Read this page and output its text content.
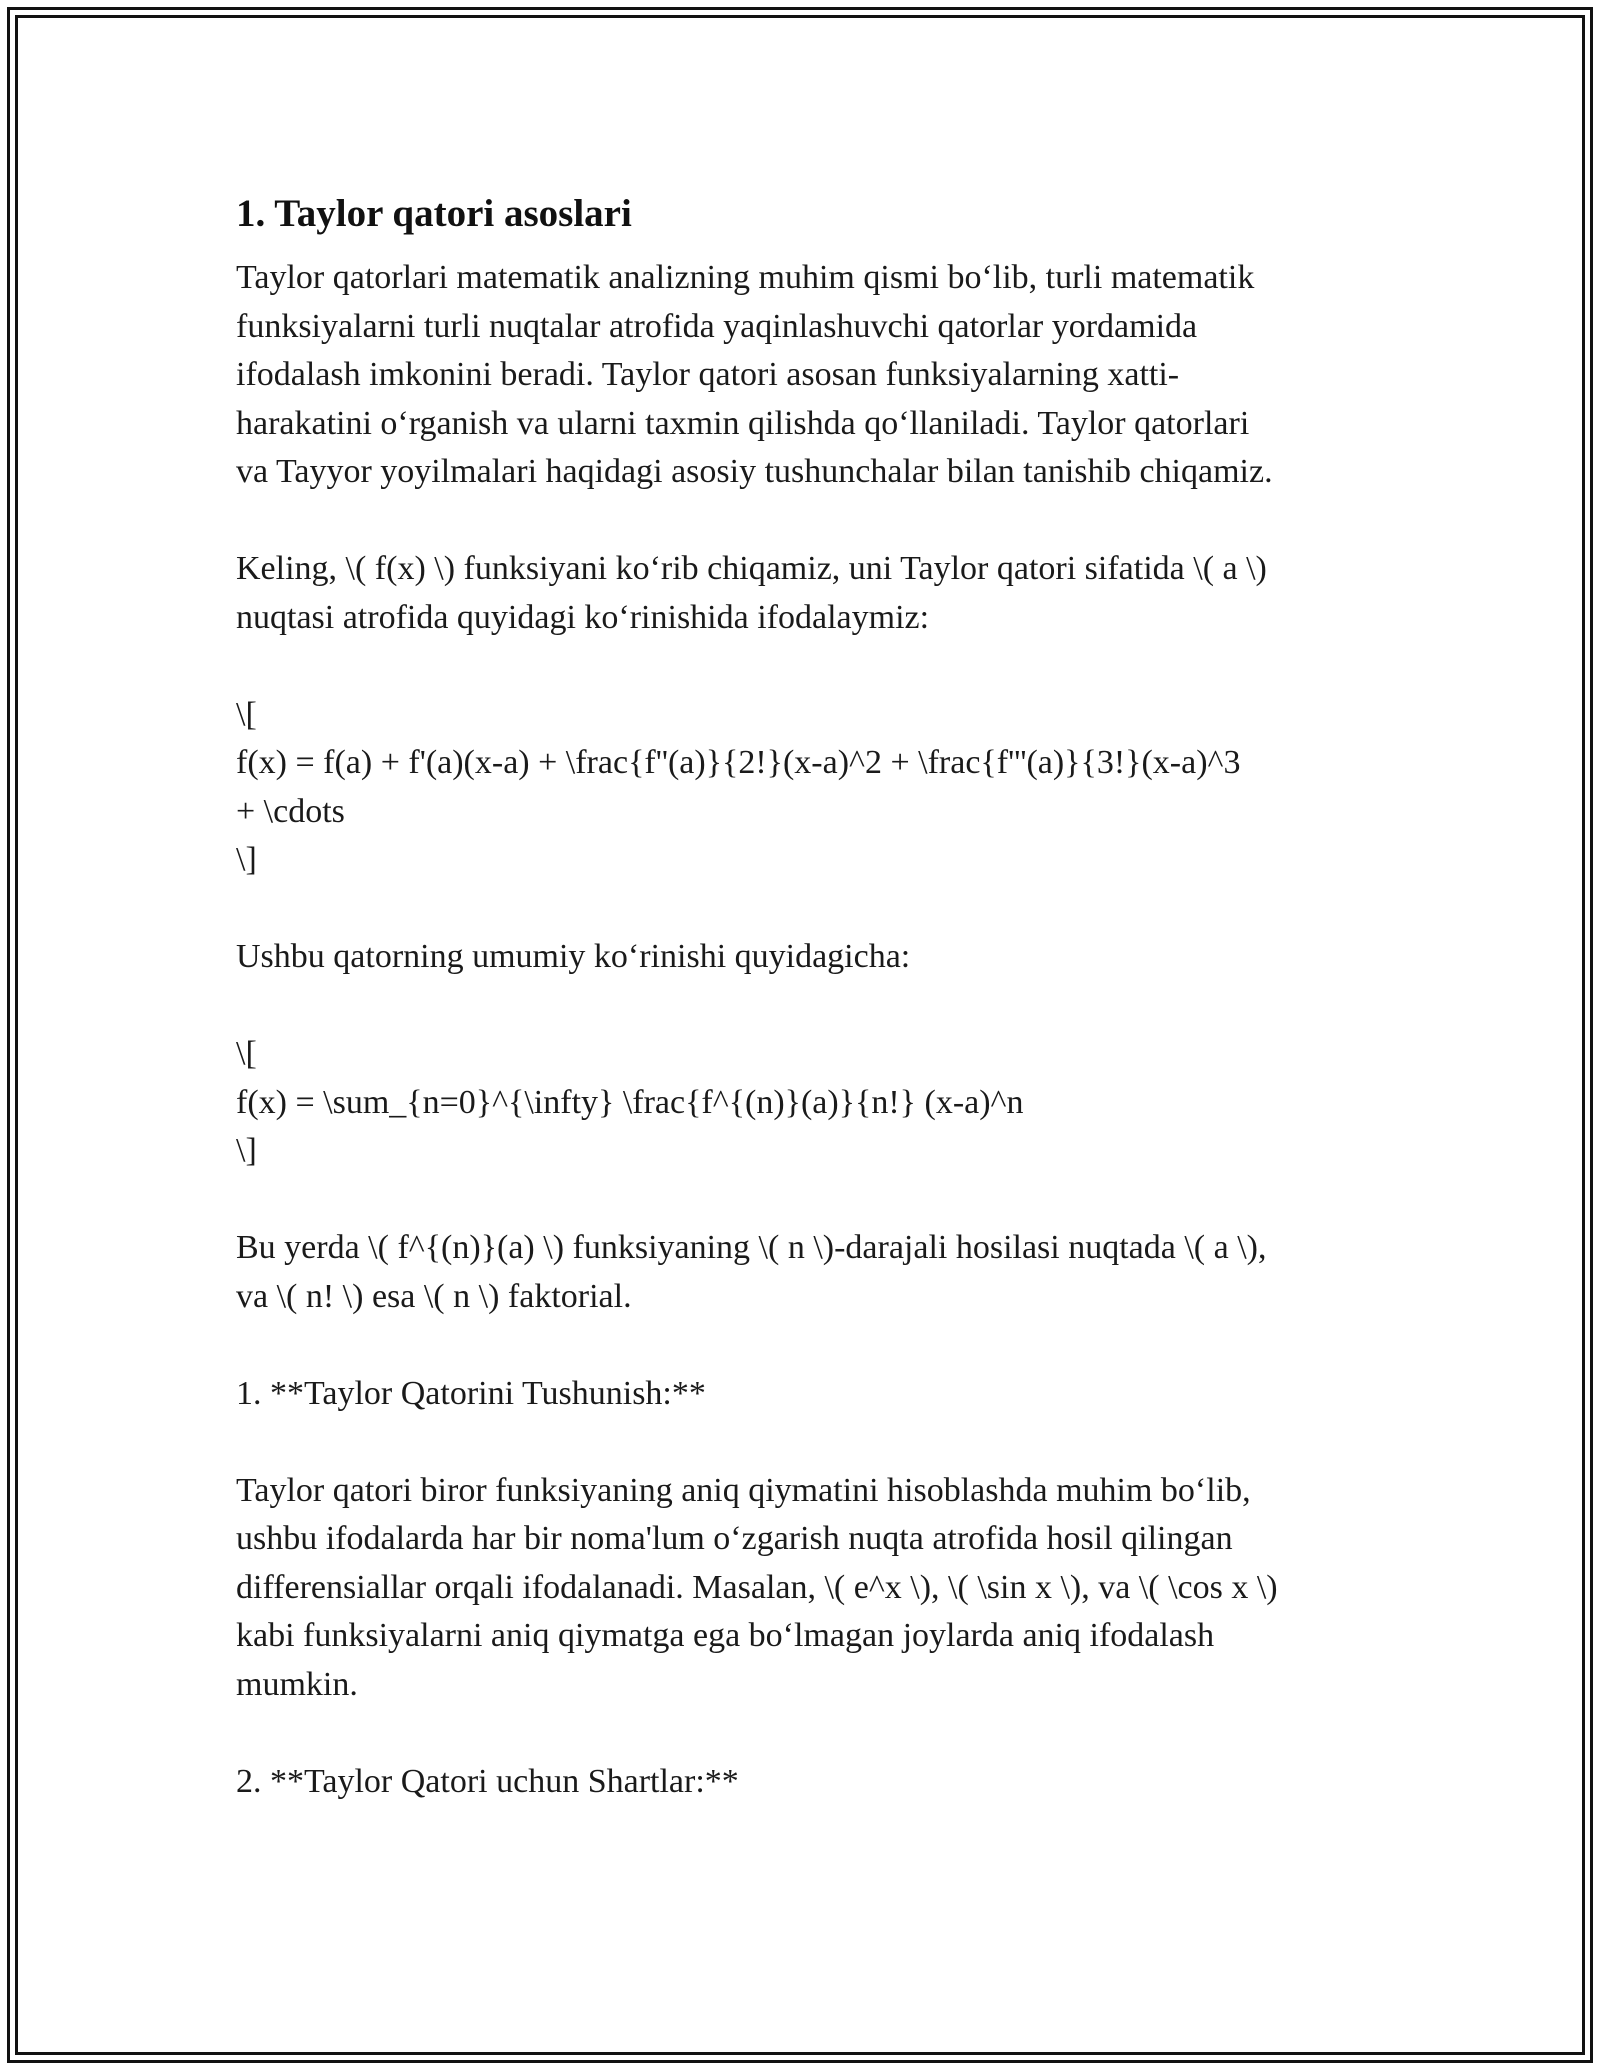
1. Taylor qatori asoslari
Taylor qatorlari matematik analizning muhim qismi bo‘lib, turli matematik
funksiyalarni turli nuqtalar atrofida yaqinlashuvchi qatorlar yordamida
ifodalash imkonini beradi. Taylor qatori asosan funksiyalarning xatti-
harakatini o‘rganish va ularni taxmin qilishda qo‘llaniladi. Taylor qatorlari
va Tayyor yoyilmalari haqidagi asosiy tushunchalar bilan tanishib chiqamiz.
Keling, \( f(x) \) funksiyani ko‘rib chiqamiz, uni Taylor qatori sifatida \( a \)
nuqtasi atrofida quyidagi ko‘rinishida ifodalaymiz:
\[
f(x) = f(a) + f'(a)(x-a) + \frac{f''(a)}{2!}(x-a)^2 + \frac{f'''(a)}{3!}(x-a)^3
+ \cdots
\]
Ushbu qatorning umumiy ko‘rinishi quyidagicha:
\[
f(x) = \sum_{n=0}^{\infty} \frac{f^{(n)}(a)}{n!} (x-a)^n
\]
Bu yerda \( f^{(n)}(a) \) funksiyaning \( n \)-darajali hosilasi nuqtada \( a \),
va \( n! \) esa \( n \) faktorial.
1. **Taylor Qatorini Tushunish:**
Taylor qatori biror funksiyaning aniq qiymatini hisoblashda muhim bo‘lib,
ushbu ifodalarda har bir noma'lum o‘zgarish nuqta atrofida hosil qilingan
differensiallar orqali ifodalanadi. Masalan, \( e^x \), \( \sin x \), va \( \cos x \)
kabi funksiyalarni aniq qiymatga ega bo‘lmagan joylarda aniq ifodalash
mumkin.
2. **Taylor Qatori uchun Shartlar:**
